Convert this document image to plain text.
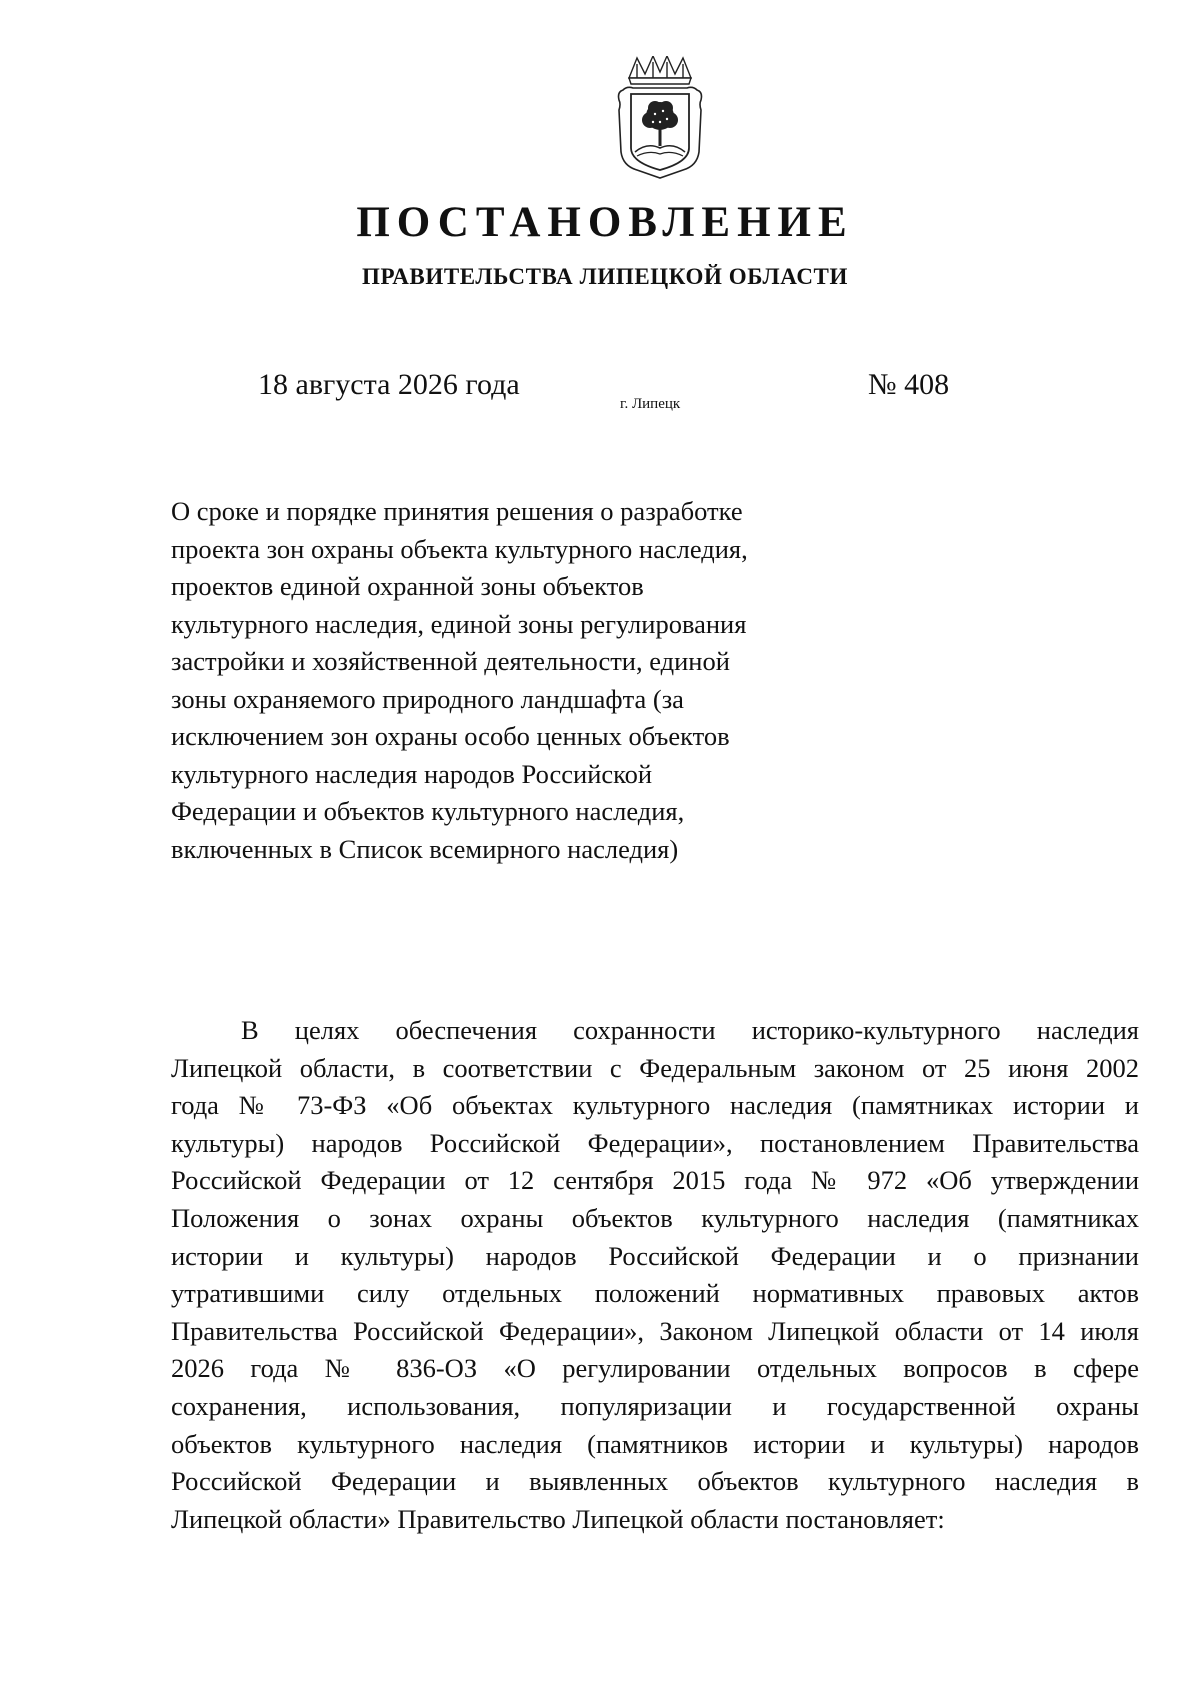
ПОСТАНОВЛЕНИЕ
ПРАВИТЕЛЬСТВА ЛИПЕЦКОЙ ОБЛАСТИ
18 августа 2026 года
г. Липецк
№ 408
О сроке и порядке принятия решения о разработке
проекта зон охраны объекта культурного наследия,
проектов единой охранной зоны объектов
культурного наследия, единой зоны регулирования
застройки и хозяйственной деятельности, единой
зоны охраняемого природного ландшафта (за
исключением зон охраны особо ценных объектов
культурного наследия народов Российской
Федерации и объектов культурного наследия,
включенных в Список всемирного наследия)
В целях обеспечения сохранности историко-культурного наследия
Липецкой области, в соответствии с Федеральным законом от 25 июня 2002
года № 73-ФЗ «Об объектах культурного наследия (памятниках истории и
культуры) народов Российской Федерации», постановлением Правительства
Российской Федерации от 12 сентября 2015 года № 972 «Об утверждении
Положения о зонах охраны объектов культурного наследия (памятниках
истории и культуры) народов Российской Федерации и о признании
утратившими силу отдельных положений нормативных правовых актов
Правительства Российской Федерации», Законом Липецкой области от 14 июля
2026 года № 836-ОЗ «О регулировании отдельных вопросов в сфере
сохранения, использования, популяризации и государственной охраны
объектов культурного наследия (памятников истории и культуры) народов
Российской Федерации и выявленных объектов культурного наследия в
Липецкой области» Правительство Липецкой области постановляет:
